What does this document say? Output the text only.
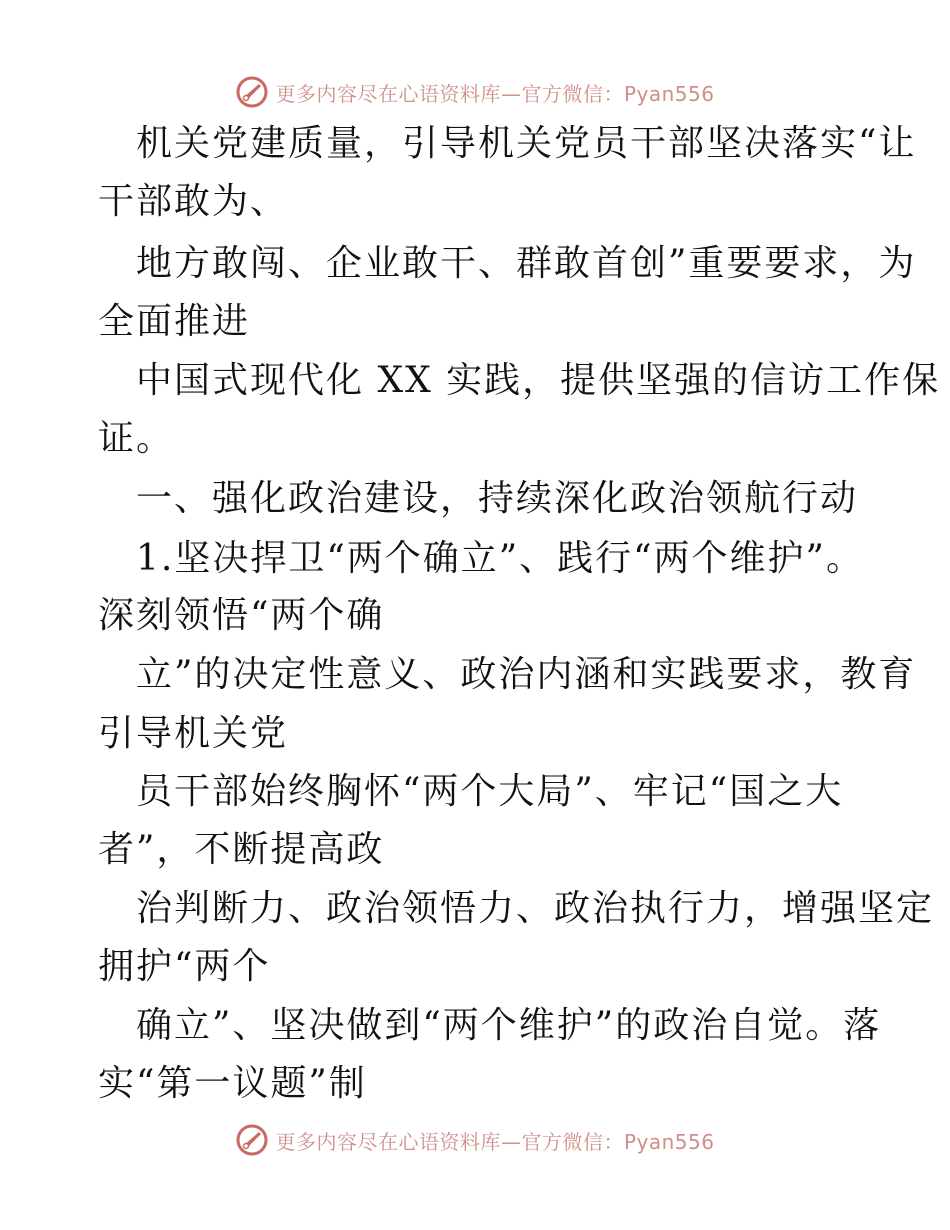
更多内容尽在心语资料库—官方微信：Pyan556
机关党建质量，引导机关党员干部坚决落实“让
干部敢为、
地方敢闯、企业敢干、群敢首创”重要要求，为
全面推进
中国式现代化 XX 实践，提供坚强的信访工作保
证。
一、强化政治建设，持续深化政治领航行动
1.坚决捍卫“两个确立”、践行“两个维护”。
深刻领悟“两个确
立”的决定性意义、政治内涵和实践要求，教育
引导机关党
员干部始终胸怀“两个大局”、牢记“国之大
者”，不断提高政
治判断力、政治领悟力、政治执行力，增强坚定
拥护“两个
确立”、坚决做到“两个维护”的政治自觉。落
实“第一议题”制
更多内容尽在心语资料库—官方微信：Pyan556
